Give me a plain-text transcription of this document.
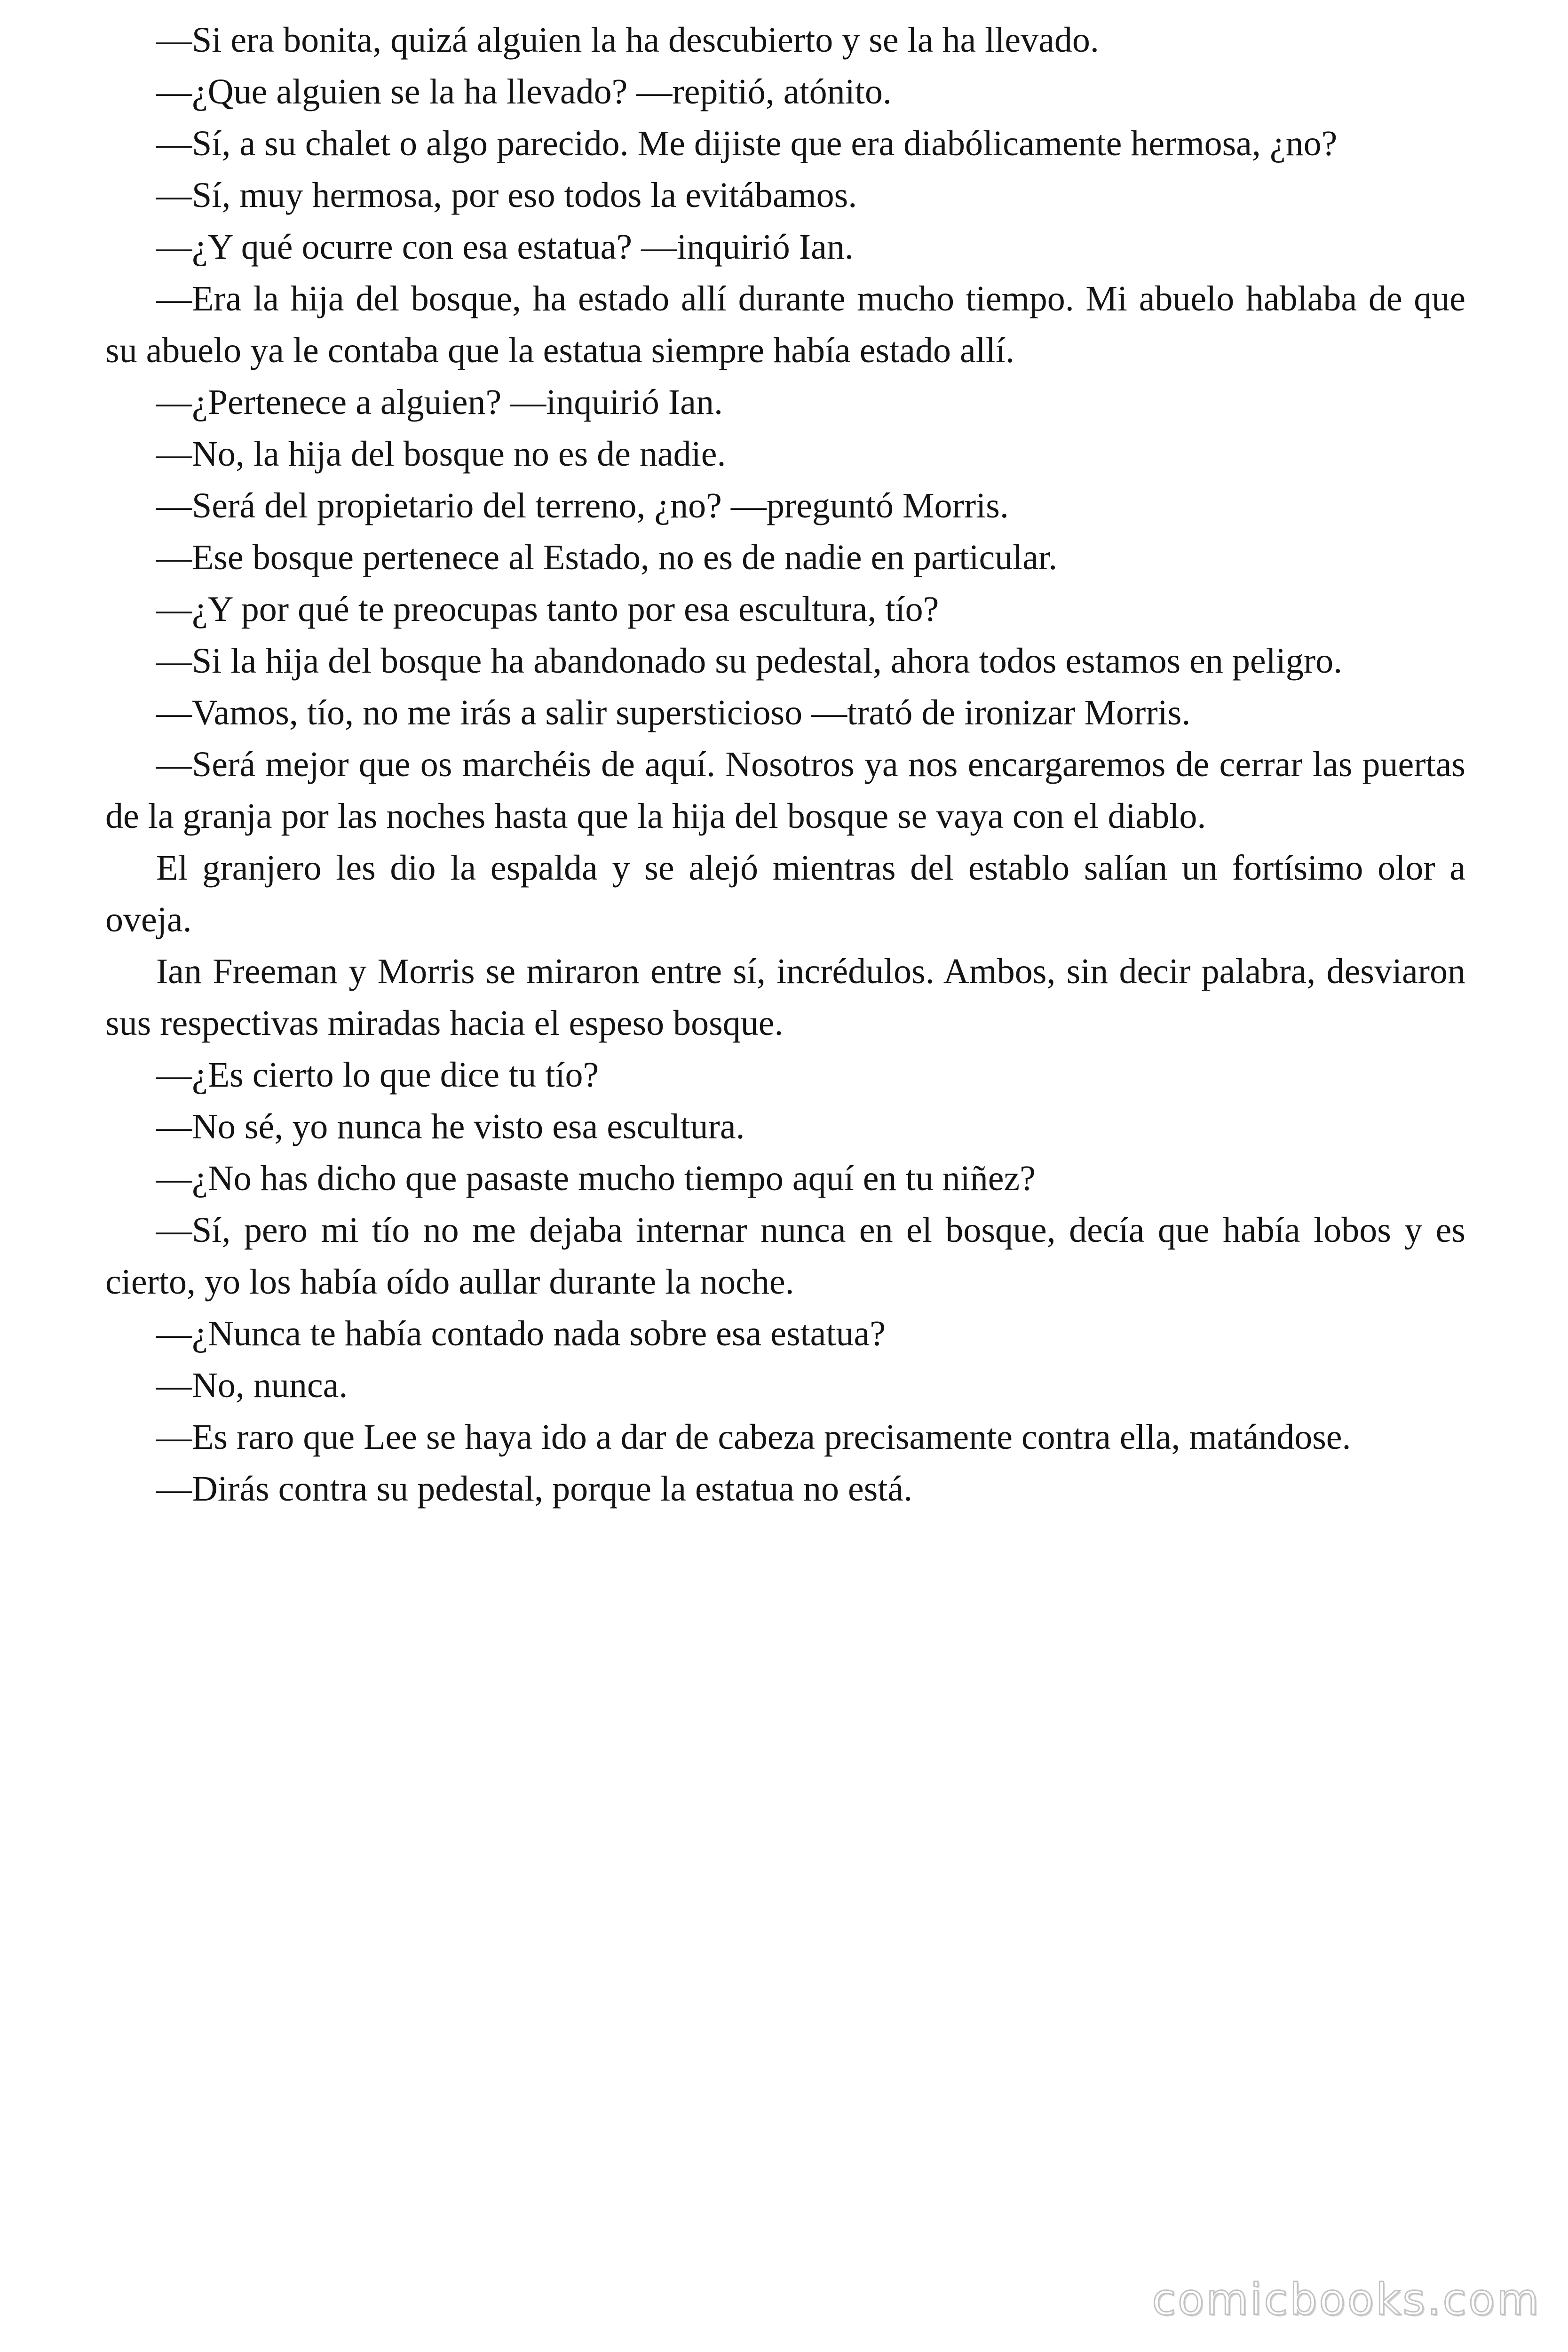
—Si era bonita, quizá alguien la ha descubierto y se la ha llevado.

—¿Que alguien se la ha llevado? —repitió, atónito.

—Sí, a su chalet o algo parecido. Me dijiste que era diabólicamente hermosa, ¿no?

—Sí, muy hermosa, por eso todos la evitábamos.

—¿Y qué ocurre con esa estatua? —inquirió Ian.

—Era la hija del bosque, ha estado allí durante mucho tiempo. Mi abuelo hablaba de que su abuelo ya le contaba que la estatua siempre había estado allí.

—¿Pertenece a alguien? —inquirió Ian.

—No, la hija del bosque no es de nadie.

—Será del propietario del terreno, ¿no? —preguntó Morris.

—Ese bosque pertenece al Estado, no es de nadie en particular.

—¿Y por qué te preocupas tanto por esa escultura, tío?

—Si la hija del bosque ha abandonado su pedestal, ahora todos estamos en peligro.

—Vamos, tío, no me irás a salir supersticioso —trató de ironizar Morris.

—Será mejor que os marchéis de aquí. Nosotros ya nos encargaremos de cerrar las puertas de la granja por las noches hasta que la hija del bosque se vaya con el diablo.

El granjero les dio la espalda y se alejó mientras del establo salían un fortísimo olor a oveja.

Ian Freeman y Morris se miraron entre sí, incrédulos. Ambos, sin decir palabra, desviaron sus respectivas miradas hacia el espeso bosque.

—¿Es cierto lo que dice tu tío?

—No sé, yo nunca he visto esa escultura.

—¿No has dicho que pasaste mucho tiempo aquí en tu niñez?

—Sí, pero mi tío no me dejaba internar nunca en el bosque, decía que había lobos y es cierto, yo los había oído aullar durante la noche.

—¿Nunca te había contado nada sobre esa estatua?

—No, nunca.

—Es raro que Lee se haya ido a dar de cabeza precisamente contra ella, matándose.

—Dirás contra su pedestal, porque la estatua no está.

comicbooks.com
